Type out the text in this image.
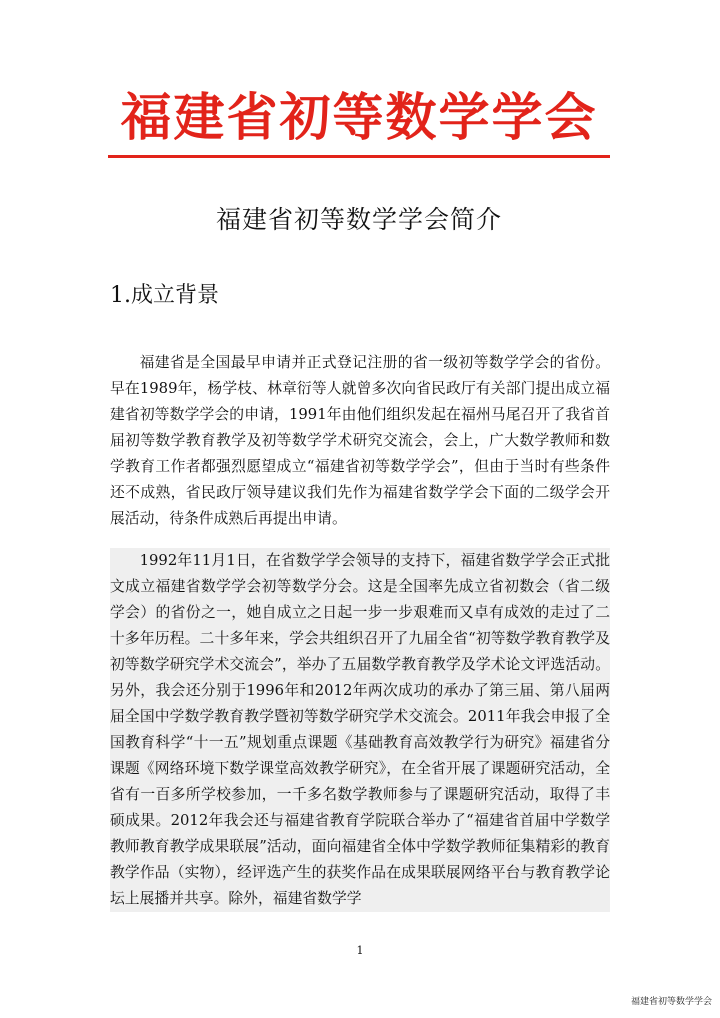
福建省初等数学学会
福建省初等数学学会简介
1.成立背景

福建省是全国最早申请并正式登记注册的省一级初等数学学会的省份。早在1989年，杨学枝、林章衍等人就曾多次向省民政厅有关部门提出成立福建省初等数学学会的申请，1991年由他们组织发起在福州马尾召开了我省首届初等数学教育教学及初等数学学术研究交流会，会上，广大数学教师和数学教育工作者都强烈愿望成立“福建省初等数学学会”，但由于当时有些条件还不成熟，省民政厅领导建议我们先作为福建省数学学会下面的二级学会开展活动，待条件成熟后再提出申请。

1992年11月1日，在省数学学会领导的支持下，福建省数学学会正式批文成立福建省数学学会初等数学分会。这是全国率先成立省初数会（省二级学会）的省份之一，她自成立之日起一步一步艰难而又卓有成效的走过了二十多年历程。二十多年来，学会共组织召开了九届全省“初等数学教育教学及初等数学研究学术交流会”，举办了五届数学教育教学及学术论文评选活动。另外，我会还分别于1996年和2012年两次成功的承办了第三届、第八届两届全国中学数学教育教学暨初等数学研究学术交流会。2011年我会申报了全国教育科学“十一五”规划重点课题《基础教育高效教学行为研究》福建省分课题《网络环境下数学课堂高效教学研究》，在全省开展了课题研究活动，全省有一百多所学校参加，一千多名数学教师参与了课题研究活动，取得了丰硕成果。2012年我会还与福建省教育学院联合举办了“福建省首届中学数学教师教育教学成果联展”活动，面向福建省全体中学数学教师征集精彩的教育教学作品（实物），经评选产生的获奖作品在成果联展网络平台与教育教学论坛上展播并共享。除外，福建省数学学

1
福建省初等数学学会
